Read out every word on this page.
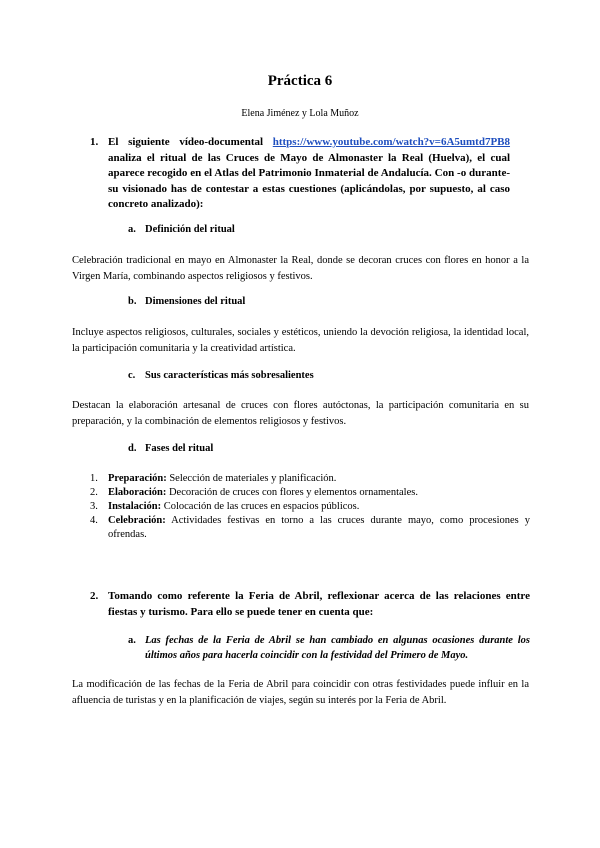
Práctica 6
Elena Jiménez y Lola Muñoz
1. El siguiente vídeo-documental https://www.youtube.com/watch?v=6A5umtd7PB8 analiza el ritual de las Cruces de Mayo de Almonaster la Real (Huelva), el cual aparece recogido en el Atlas del Patrimonio Inmaterial de Andalucía. Con -o durante- su visionado has de contestar a estas cuestiones (aplicándolas, por supuesto, al caso concreto analizado):
a. Definición del ritual
Celebración tradicional en mayo en Almonaster la Real, donde se decoran cruces con flores en honor a la Virgen María, combinando aspectos religiosos y festivos.
b. Dimensiones del ritual
Incluye aspectos religiosos, culturales, sociales y estéticos, uniendo la devoción religiosa, la identidad local, la participación comunitaria y la creatividad artística.
c. Sus características más sobresalientes
Destacan la elaboración artesanal de cruces con flores autóctonas, la participación comunitaria en su preparación, y la combinación de elementos religiosos y festivos.
d. Fases del ritual
1. Preparación: Selección de materiales y planificación.
2. Elaboración: Decoración de cruces con flores y elementos ornamentales.
3. Instalación: Colocación de las cruces en espacios públicos.
4. Celebración: Actividades festivas en torno a las cruces durante mayo, como procesiones y ofrendas.
2. Tomando como referente la Feria de Abril, reflexionar acerca de las relaciones entre fiestas y turismo. Para ello se puede tener en cuenta que:
a. Las fechas de la Feria de Abril se han cambiado en algunas ocasiones durante los últimos años para hacerla coincidir con la festividad del Primero de Mayo.
La modificación de las fechas de la Feria de Abril para coincidir con otras festividades puede influir en la afluencia de turistas y en la planificación de viajes, según su interés por la Feria de Abril.
